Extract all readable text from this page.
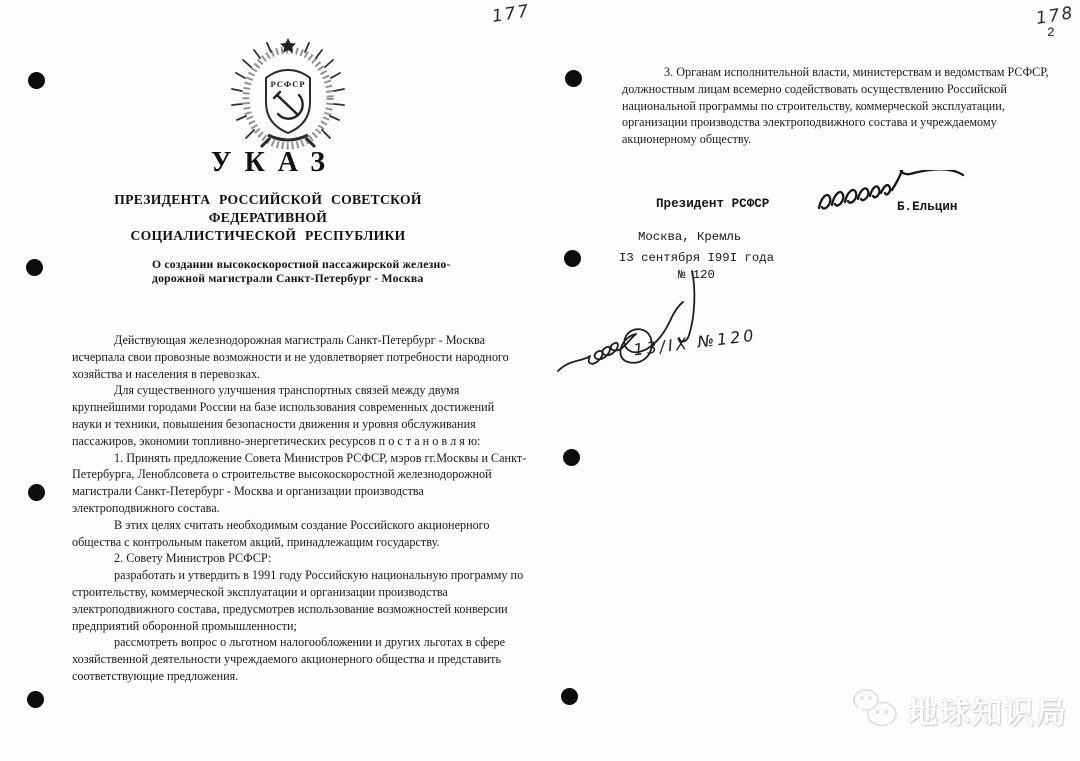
177	178
2
РСФСР
УКАЗ
ПРЕЗИДЕНТА РОССИЙСКОЙ СОВЕТСКОЙ ФЕДЕРАТИВНОЙ
СОЦИАЛИСТИЧЕСКОЙ РЕСПУБЛИКИ
О создании высокоскоростной пассажирской железно-
дорожной магистрали Санкт-Петербург - Москва
Действующая железнодорожная магистраль Санкт-Петербург - Москва
исчерпала свои провозные возможности и не удовлетворяет потребности народного
хозяйства и населения в перевозках.
Для существенного улучшения транспортных связей между двумя
крупнейшими городами России на базе использования современных достижений
науки и техники, повышения безопасности движения и уровня обслуживания
пассажиров, экономии топливно-энергетических ресурсов п о с т а н о в л я ю:
1. Принять предложение Совета Министров РСФСР, мэров гг.Москвы и Санкт-
Петербурга, Леноблсовета о строительстве высокоскоростной железнодорожной
магистрали Санкт-Петербург - Москва и организации производства
электроподвижного состава.
В этих целях считать необходимым создание Российского акционерного
общества с контрольным пакетом акций, принадлежащим государству.
2. Совету Министров РСФСР:
разработать и утвердить в 1991 году Российскую национальную программу по
строительству, коммерческой эксплуатации и организации производства
электроподвижного состава, предусмотрев использование возможностей конверсии
предприятий оборонной промышленности;
рассмотреть вопрос о льготном налогообложении и других льготах в сфере
хозяйственной деятельности учреждаемого акционерного общества и представить
соответствующие предложения.
3. Органам исполнительной власти, министерствам и ведомствам РСФСР,
должностным лицам всемерно содействовать осуществлению Российской
национальной программы по строительству, коммерческой эксплуатации,
организации производства электроподвижного состава и учреждаемому
акционерному обществу.
Президент РСФСР	Б.Ельцин
Москва, Кремль
I3 сентября I99I года
№ 120
13/IX №120
地球知识局
